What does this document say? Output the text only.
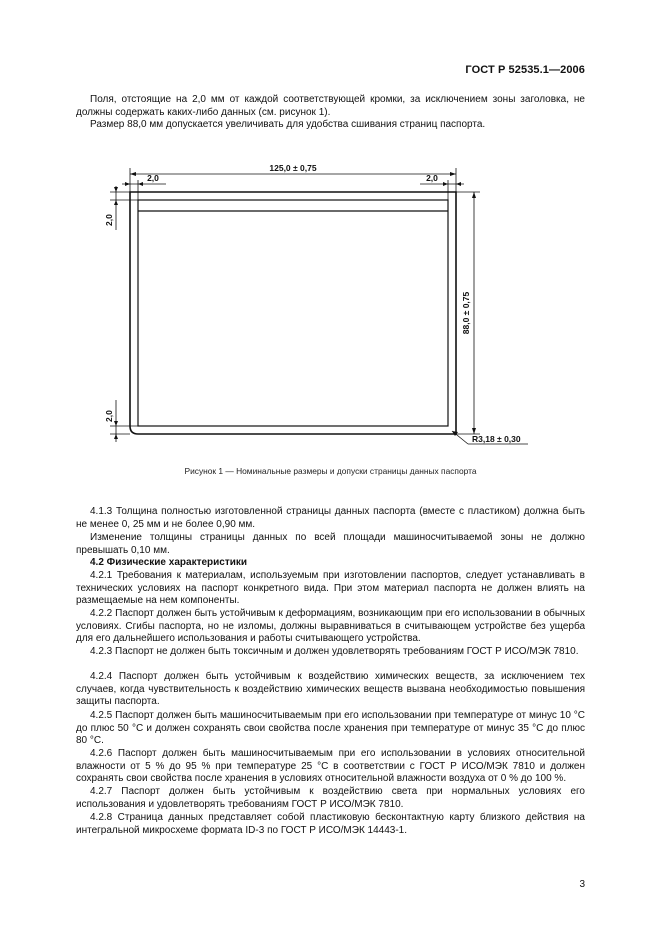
ГОСТ Р 52535.1—2006

Поля, отстоящие на 2,0 мм от каждой соответствующей кромки, за исключением зоны заголовка, не должны содержать каких-либо данных (см. рисунок 1).

Размер 88,0 мм допускается увеличивать для удобства сшивания страниц паспорта.

125,0 ± 0,75
2,0	2,0
2,0
2,0
88,0 ± 0,75
R3,18 ± 0,30
Рисунок 1 — Номинальные размеры и допуски страницы данных паспорта

4.1.3 Толщина полностью изготовленной страницы данных паспорта (вместе с пластиком) должна быть не менее 0, 25 мм и не более 0,90 мм.

Изменение толщины страницы данных по всей площади машиносчитываемой зоны не должно превышать 0,10 мм.

4.2 Физические характеристики

4.2.1 Требования к материалам, используемым при изготовлении паспортов, следует устанавливать в технических условиях на паспорт конкретного вида. При этом материал паспорта не должен влиять на размещаемые на нем компоненты.

4.2.2 Паспорт должен быть устойчивым к деформациям, возникающим при его использовании в обычных условиях. Сгибы паспорта, но не изломы, должны выравниваться в считывающем устройстве без ущерба для его дальнейшего использования и работы считывающего устройства.

4.2.3 Паспорт не должен быть токсичным и должен удовлетворять требованиям ГОСТ Р ИСО/МЭК 7810.

4.2.4 Паспорт должен быть устойчивым к воздействию химических веществ, за исключением тех случаев, когда чувствительность к воздействию химических веществ вызвана необходимостью повышения защиты паспорта.

4.2.5 Паспорт должен быть машиносчитываемым при его использовании при температуре от минус 10 °С до плюс 50 °С и должен сохранять свои свойства после хранения при температуре от минус 35 °С до плюс 80 °С.

4.2.6 Паспорт должен быть машиносчитываемым при его использовании в условиях относительной влажности от 5 % до 95 % при температуре 25 °С в соответствии с ГОСТ Р ИСО/МЭК 7810 и должен сохранять свои свойства после хранения в условиях относительной влажности воздуха от 0 % до 100 %.

4.2.7 Паспорт должен быть устойчивым к воздействию света при нормальных условиях его использования и удовлетворять требованиям ГОСТ Р ИСО/МЭК 7810.

4.2.8 Страница данных представляет собой пластиковую бесконтактную карту близкого действия на интегральной микросхеме формата ID-3 по ГОСТ Р ИСО/МЭК 14443-1.

3
